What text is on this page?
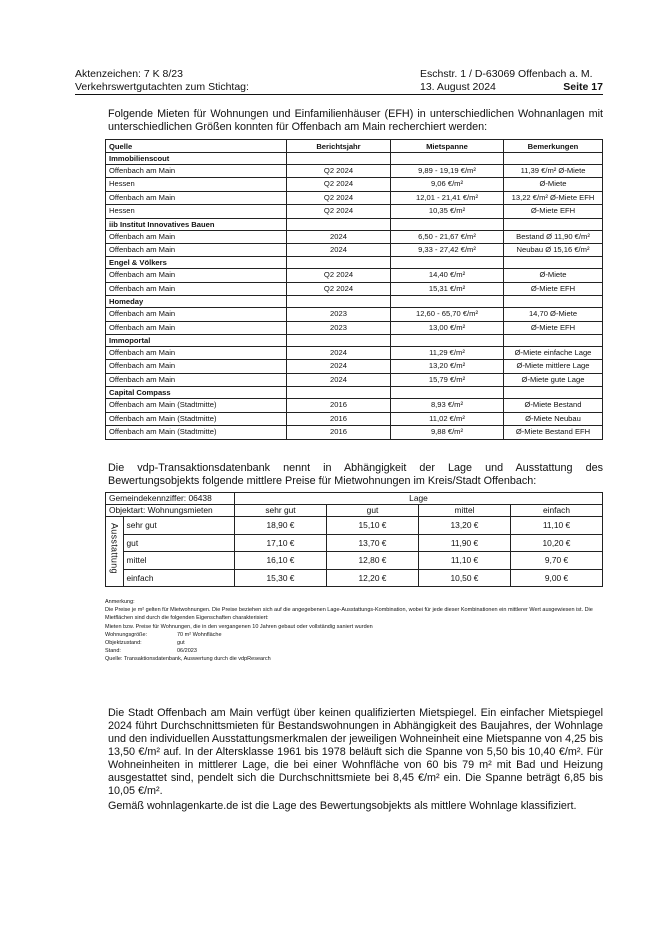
Aktenzeichen: 7 K 8/23	Eschstr. 1 / D-63069 Offenbach a. M.
Verkehrswertgutachten zum Stichtag:	13. August 2024	Seite 17

Folgende Mieten für Wohnungen und Einfamilienhäuser (EFH) in unterschiedlichen Wohnanlagen mit unterschiedlichen Größen konnten für Offenbach am Main recherchiert werden:

Quelle	Berichtsjahr	Mietspanne	Bemerkungen
Immobilienscout			
Offenbach am Main	Q2 2024	9,89 - 19,19 €/m²	11,39 €/m² Ø-Miete
Hessen	Q2 2024	9,06 €/m²	Ø-Miete
Offenbach am Main	Q2 2024	12,01 - 21,41 €/m²	13,22 €/m² Ø-Miete EFH
Hessen	Q2 2024	10,35 €/m²	Ø-Miete EFH
iib Institut Innovatives Bauen			
Offenbach am Main	2024	6,50 - 21,67 €/m²	Bestand Ø 11,90 €/m²
Offenbach am Main	2024	9,33 - 27,42 €/m²	Neubau Ø 15,16 €/m²
Engel & Völkers			
Offenbach am Main	Q2 2024	14,40 €/m²	Ø-Miete
Offenbach am Main	Q2 2024	15,31 €/m²	Ø-Miete EFH
Homeday			
Offenbach am Main	2023	12,60 - 65,70 €/m²	14,70 Ø-Miete
Offenbach am Main	2023	13,00 €/m²	Ø-Miete EFH
Immoportal			
Offenbach am Main	2024	11,29 €/m²	Ø-Miete einfache Lage
Offenbach am Main	2024	13,20 €/m²	Ø-Miete mittlere Lage
Offenbach am Main	2024	15,79 €/m²	Ø-Miete gute Lage
Capital Compass			
Offenbach am Main (Stadtmitte)	2016	8,93 €/m²	Ø-Miete Bestand
Offenbach am Main (Stadtmitte)	2016	11,02 €/m²	Ø-Miete Neubau
Offenbach am Main (Stadtmitte)	2016	9,88 €/m²	Ø-Miete Bestand EFH

Die vdp-Transaktionsdatenbank nennt in Abhängigkeit der Lage und Ausstattung des Bewertungsobjekts folgende mittlere Preise für Mietwohnungen im Kreis/Stadt Offenbach:

Gemeindekennziffer: 06438		Lage			
Objektart: Wohnungsmieten		sehr gut	gut	mittel	einfach
Ausstattung	sehr gut	18,90 €	15,10 €	13,20 €	11,10 €
	gut	17,10 €	13,70 €	11,90 €	10,20 €
	mittel	16,10 €	12,80 €	11,10 €	9,70 €
	einfach	15,30 €	12,20 €	10,50 €	9,00 €
Anmerkung:
Die Preise je m² gelten für Mietwohnungen. Die Preise beziehen sich auf die angegebenen Lage-Ausstattungs-Kombination, wobei für jede dieser Kombinationen ein mittlerer Wert ausgewiesen ist. Die Mietflächen sind durch die folgenden Eigenschaften charakterisiert:
Mieten bzw. Preise für Wohnungen, die in den vergangenen 10 Jahren gebaut oder vollständig saniert wurden
Wohnungsgröße:	70 m² Wohnfläche
Objektzustand:	gut
Stand:	06/2023
Quelle: Transaktionsdatenbank, Auswertung durch die vdpResearch

Die Stadt Offenbach am Main verfügt über keinen qualifizierten Mietspiegel. Ein einfacher Mietspiegel 2024 führt Durchschnittsmieten für Bestandswohnungen in Abhängigkeit des Baujahres, der Wohnlage und den individuellen Ausstattungsmerkmalen der jeweiligen Wohneinheit eine Mietspanne von 4,25 bis 13,50 €/m² auf. In der Altersklasse 1961 bis 1978 beläuft sich die Spanne von 5,50 bis 10,40 €/m². Für Wohneinheiten in mittlerer Lage, die bei einer Wohnfläche von 60 bis 79 m² mit Bad und Heizung ausgestattet sind, pendelt sich die Durchschnittsmiete bei 8,45 €/m² ein. Die Spanne beträgt 6,85 bis 10,05 €/m².

Gemäß wohnlagenkarte.de ist die Lage des Bewertungsobjekts als mittlere Wohnlage klassifiziert.
